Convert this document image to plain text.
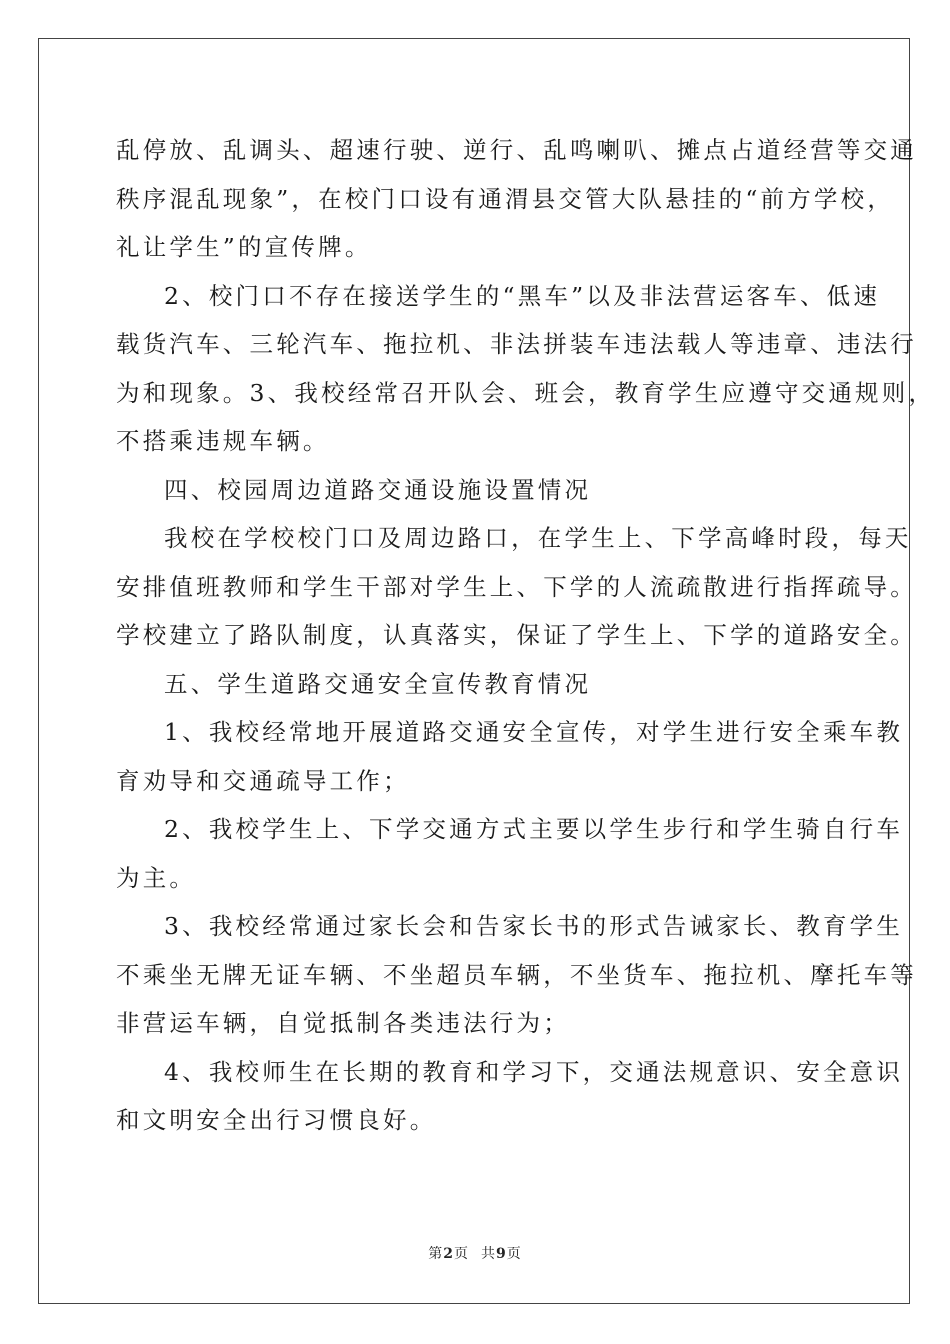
乱停放、乱调头、超速行驶、逆行、乱鸣喇叭、摊点占道经营等交通
秩序混乱现象”，在校门口设有通渭县交管大队悬挂的“前方学校，
礼让学生”的宣传牌。
2、校门口不存在接送学生的“黑车”以及非法营运客车、低速
载货汽车、三轮汽车、拖拉机、非法拼装车违法载人等违章、违法行
为和现象。3、我校经常召开队会、班会，教育学生应遵守交通规则，
不搭乘违规车辆。
四、校园周边道路交通设施设置情况
我校在学校校门口及周边路口，在学生上、下学高峰时段，每天
安排值班教师和学生干部对学生上、下学的人流疏散进行指挥疏导。
学校建立了路队制度，认真落实，保证了学生上、下学的道路安全。
五、学生道路交通安全宣传教育情况
1、我校经常地开展道路交通安全宣传，对学生进行安全乘车教
育劝导和交通疏导工作；
2、我校学生上、下学交通方式主要以学生步行和学生骑自行车
为主。
3、我校经常通过家长会和告家长书的形式告诫家长、教育学生
不乘坐无牌无证车辆、不坐超员车辆，不坐货车、拖拉机、摩托车等
非营运车辆，自觉抵制各类违法行为；
4、我校师生在长期的教育和学习下，交通法规意识、安全意识
和文明安全出行习惯良好。
第2页 共9页
